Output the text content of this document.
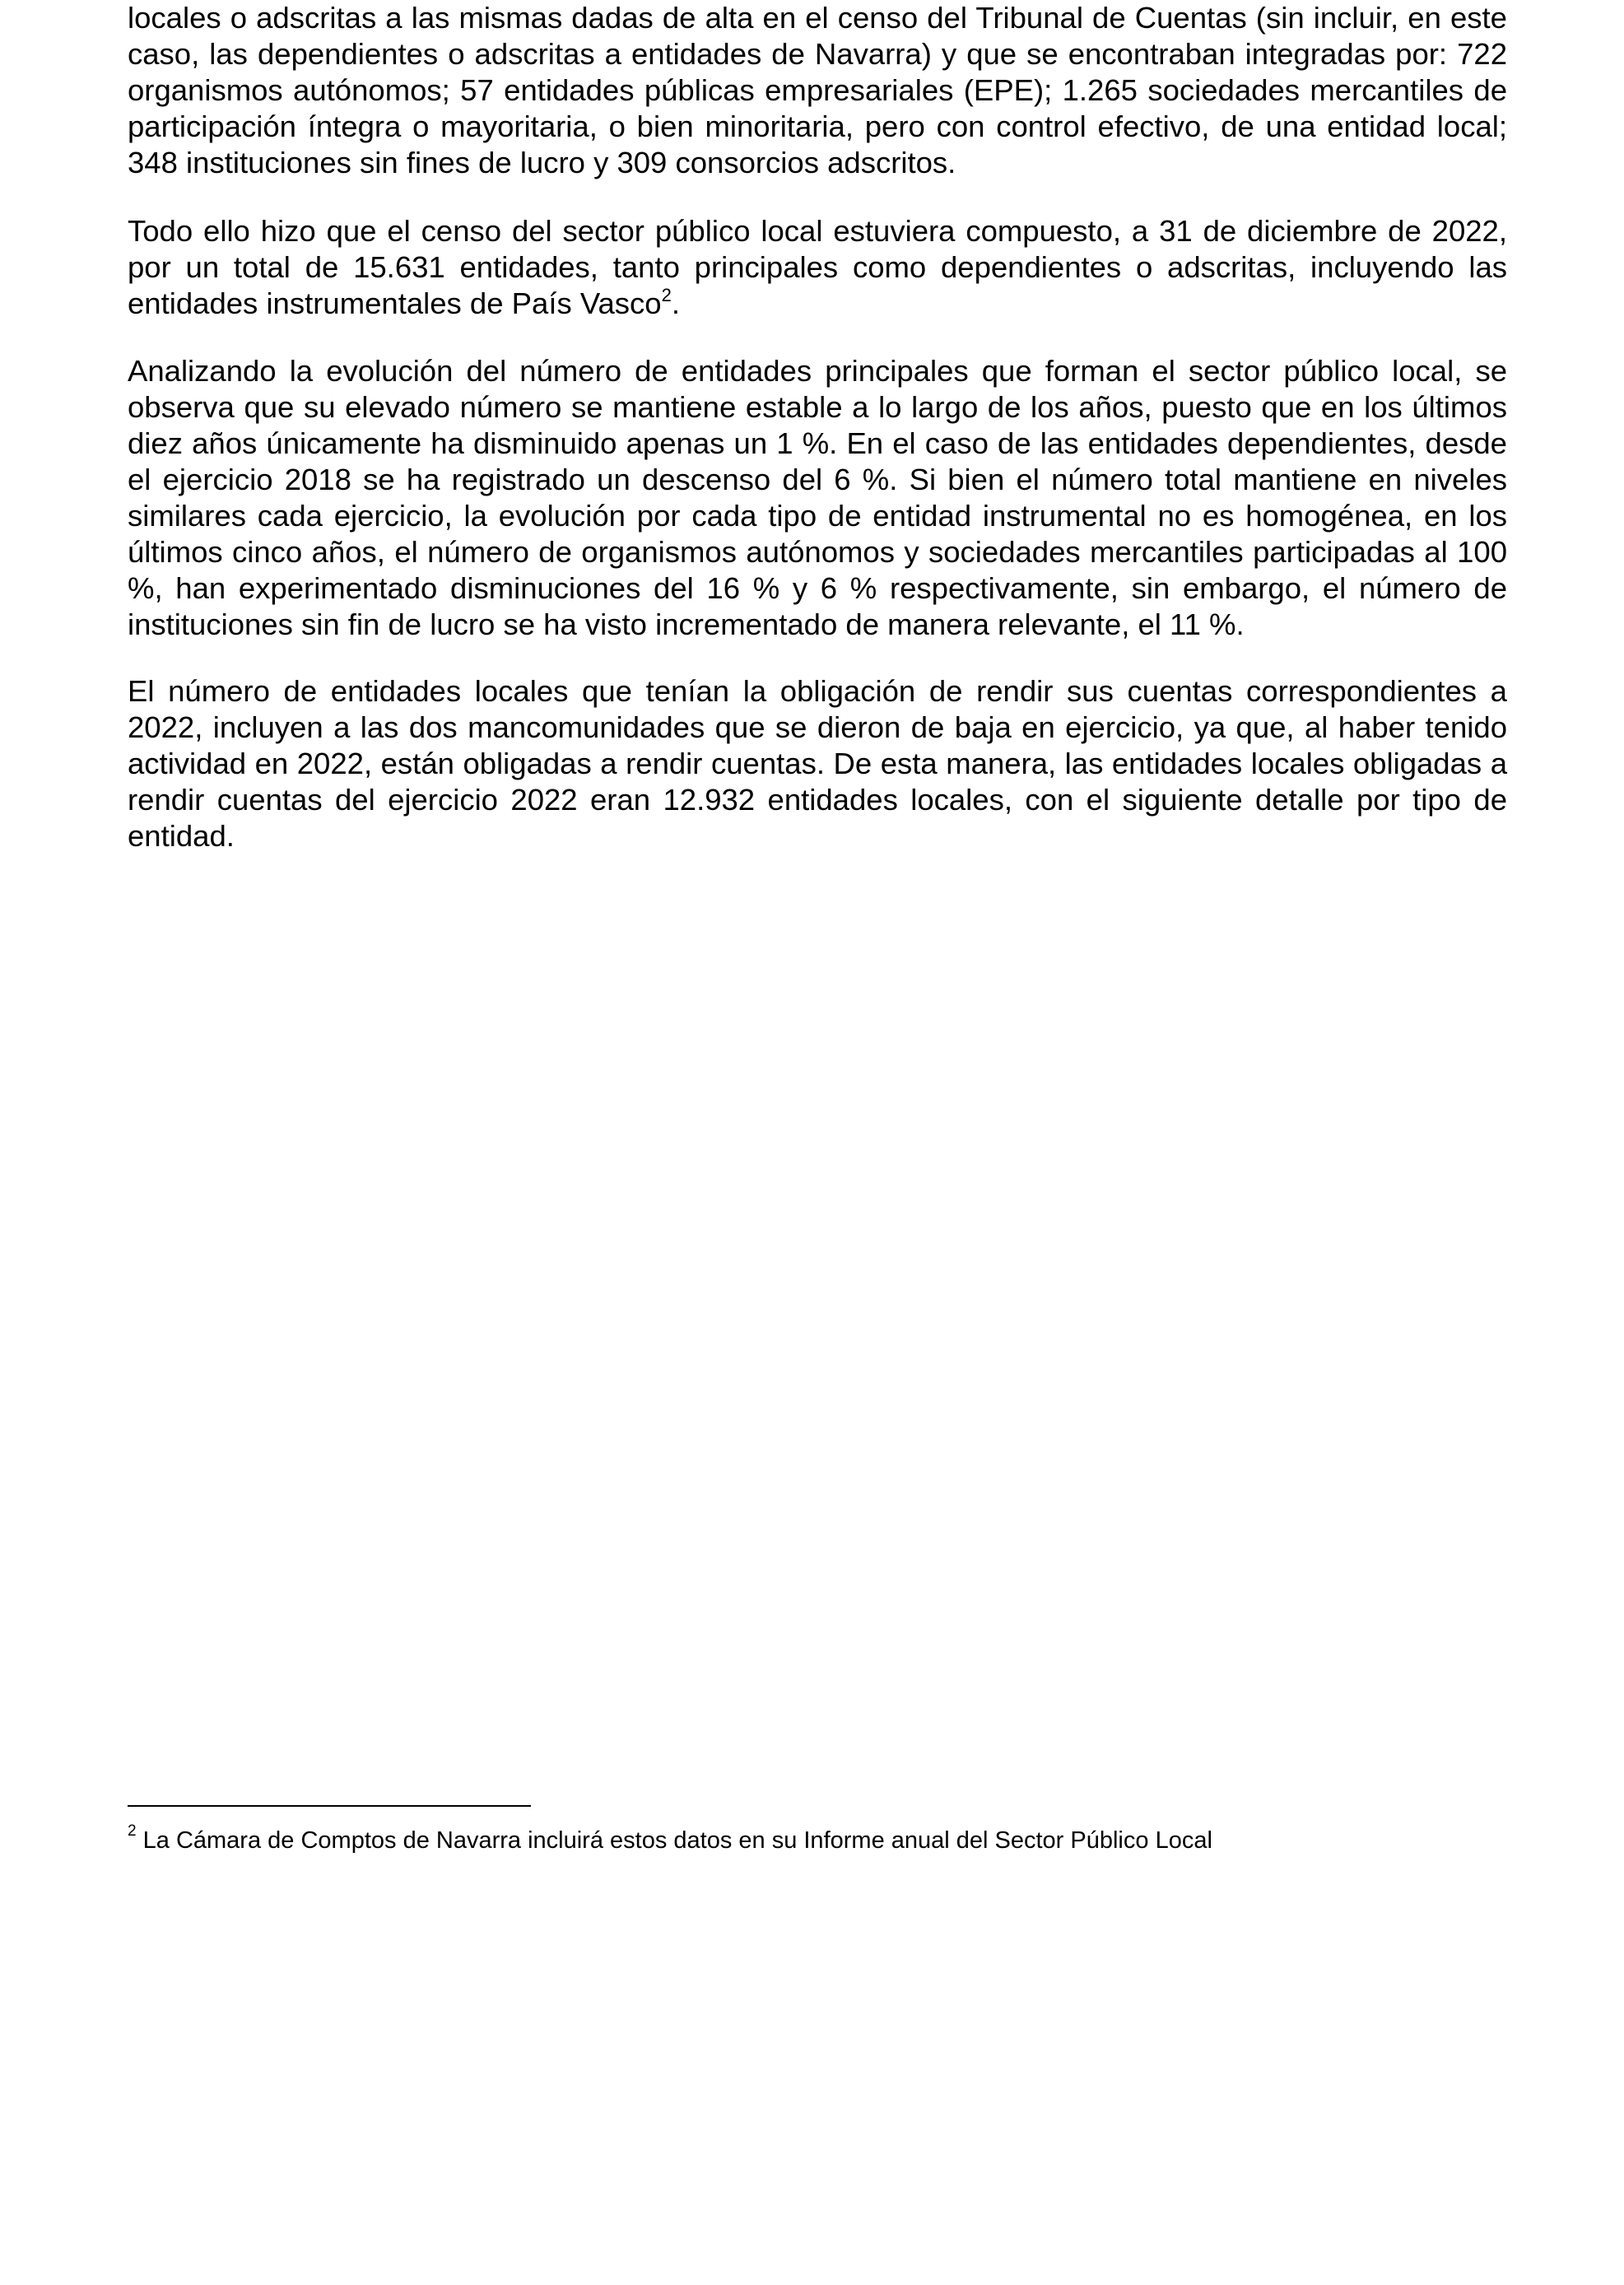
locales o adscritas a las mismas dadas de alta en el censo del Tribunal de Cuentas (sin incluir, en este caso, las dependientes o adscritas a entidades de Navarra) y que se encontraban integradas por: 722 organismos autónomos; 57 entidades públicas empresariales (EPE); 1.265 sociedades mercantiles de participación íntegra o mayoritaria, o bien minoritaria, pero con control efectivo, de una entidad local; 348 instituciones sin fines de lucro y 309 consorcios adscritos.

Todo ello hizo que el censo del sector público local estuviera compuesto, a 31 de diciembre de 2022, por un total de 15.631 entidades, tanto principales como dependientes o adscritas, incluyendo las entidades instrumentales de País Vasco$^2$.

Analizando la evolución del número de entidades principales que forman el sector público local, se observa que su elevado número se mantiene estable a lo largo de los años, puesto que en los últimos diez años únicamente ha disminuido apenas un 1 %. En el caso de las entidades dependientes, desde el ejercicio 2018 se ha registrado un descenso del 6 %. Si bien el número total mantiene en niveles similares cada ejercicio, la evolución por cada tipo de entidad instrumental no es homogénea, en los últimos cinco años, el número de organismos autónomos y sociedades mercantiles participadas al 100 %, han experimentado disminuciones del 16 % y 6 % respectivamente, sin embargo, el número de instituciones sin fin de lucro se ha visto incrementado de manera relevante, el 11 %.

El número de entidades locales que tenían la obligación de rendir sus cuentas correspondientes a 2022, incluyen a las dos mancomunidades que se dieron de baja en ejercicio, ya que, al haber tenido actividad en 2022, están obligadas a rendir cuentas. De esta manera, las entidades locales obligadas a rendir cuentas del ejercicio 2022 eran 12.932 entidades locales, con el siguiente detalle por tipo de entidad.

$^2$ La Cámara de Comptos de Navarra incluirá estos datos en su Informe anual del Sector Público Local
